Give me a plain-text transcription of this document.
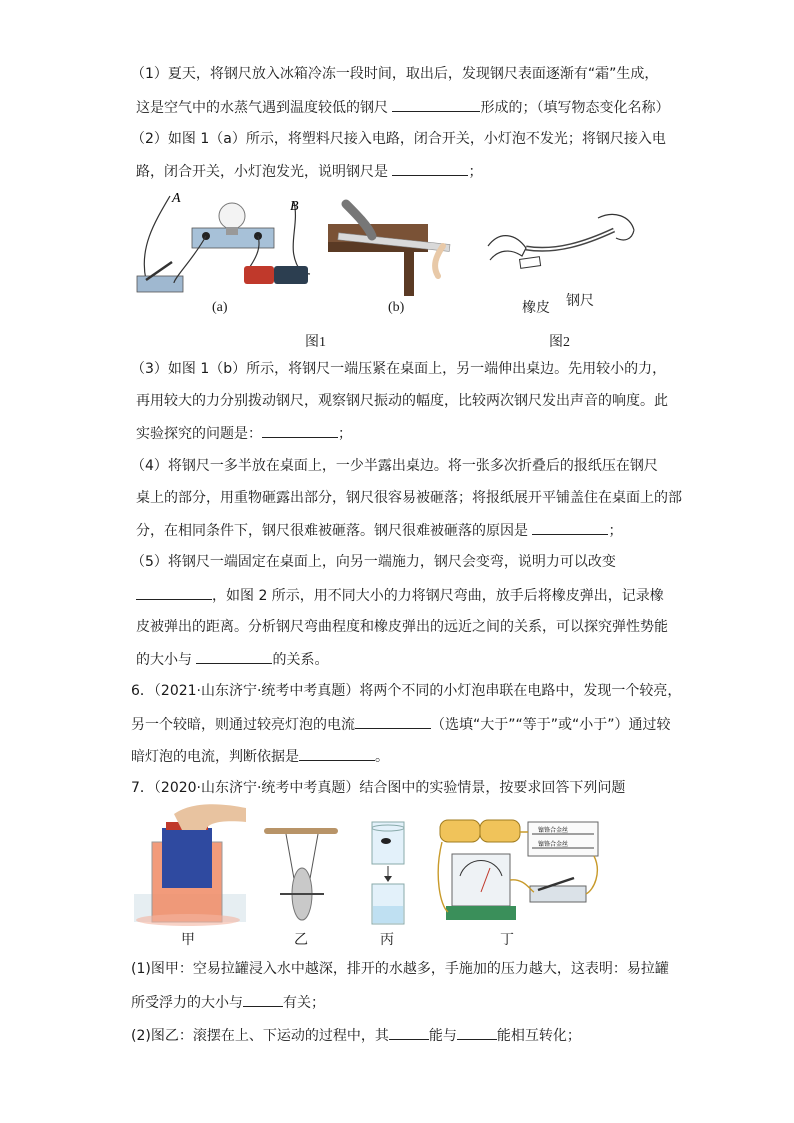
（1）夏天，将钢尺放入冰箱冷冻一段时间，取出后，发现钢尺表面逐渐有“霜”生成，
这是空气中的水蒸气遇到温度较低的钢尺	形成的；（填写物态变化名称）
（2）如图 1（a）所示，将塑料尺接入电路，闭合开关，小灯泡不发光；将钢尺接入电
路，闭合开关，小灯泡发光，说明钢尺是	；
A
B
(a)	(b)
图1
橡皮 钢尺
图2
（3）如图 1（b）所示，将钢尺一端压紧在桌面上，另一端伸出桌边。先用较小的力，
再用较大的力分别拨动钢尺，观察钢尺振动的幅度，比较两次钢尺发出声音的响度。此
实验探究的问题是：	；
（4）将钢尺一多半放在桌面上，一少半露出桌边。将一张多次折叠后的报纸压在钢尺
桌上的部分，用重物砸露出部分，钢尺很容易被砸落；将报纸展开平铺盖住在桌面上的部
分，在相同条件下，钢尺很难被砸落。钢尺很难被砸落的原因是	；
（5）将钢尺一端固定在桌面上，向另一端施力，钢尺会变弯，说明力可以改变
，如图 2 所示，用不同大小的力将钢尺弯曲，放手后将橡皮弹出，记录橡
皮被弹出的距离。分析钢尺弯曲程度和橡皮弹出的远近之间的关系，可以探究弹性势能
的大小与	的关系。
6．（2021·山东济宁·统考中考真题）将两个不同的小灯泡串联在电路中，发现一个较亮，
另一个较暗，则通过较亮灯泡的电流	（选填“大于”“等于”或“小于”）通过较
暗灯泡的电流，判断依据是	。
7．（2020·山东济宁·统考中考真题）结合图中的实验情景，按要求回答下列问题
甲	乙	丙
镍铬合金丝
镍铬合金丝
丁
(1)图甲：空易拉罐浸入水中越深，排开的水越多，手施加的压力越大，这表明：易拉罐
所受浮力的大小与	有关；
(2)图乙：滚摆在上、下运动的过程中，其	能与	能相互转化；
